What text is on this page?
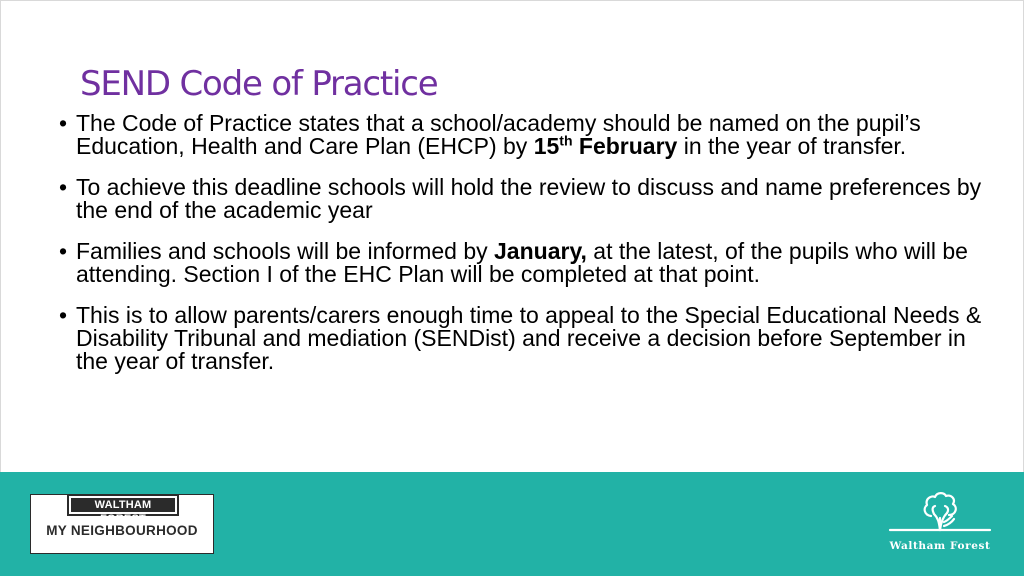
SEND Code of Practice
• The Code of Practice states that a school/academy should be named on the pupil’s Education, Health and Care Plan (EHCP) by 15th February in the year of transfer.
• To achieve this deadline schools will hold the review to discuss and name preferences by the end of the academic year
• Families and schools will be informed by January, at the latest, of the pupils who will be attending. Section I of the EHC Plan will be completed at that point.
• This is to allow parents/carers enough time to appeal to the Special Educational Needs & Disability Tribunal and mediation (SENDist) and receive a decision before September in the year of transfer.
WALTHAM FOREST
MY NEIGHBOURHOOD
Waltham Forest
